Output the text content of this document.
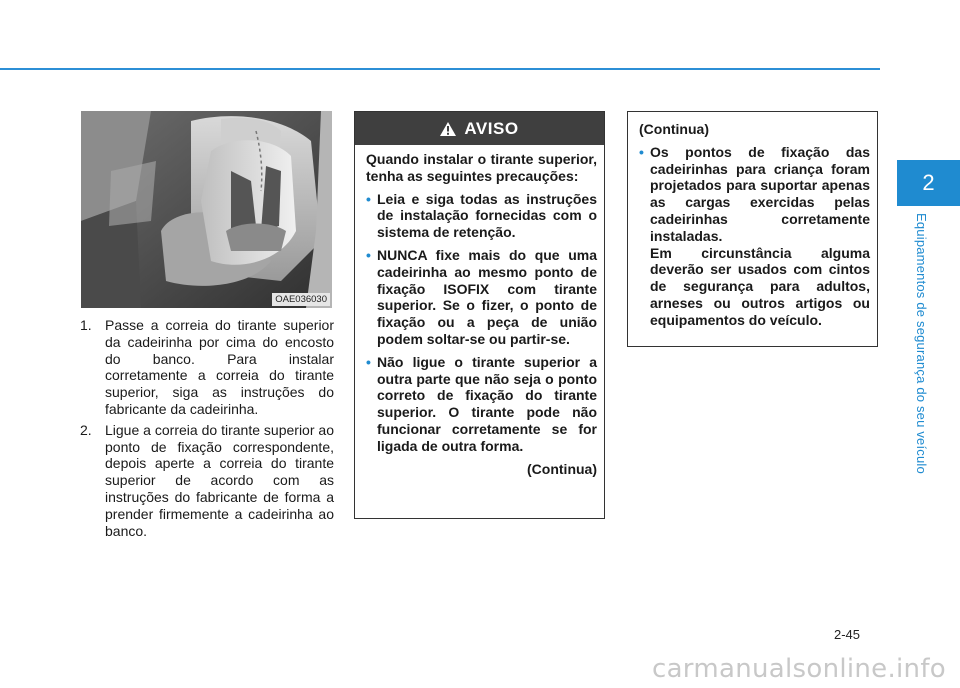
2
Equipamentos de segurança do seu veículo
OAE036030
1. Passe a correia do tirante superior da cadeirinha por cima do encosto do banco. Para instalar corretamente a correia do tirante superior, siga as instruções do fabricante da cadeirinha.
2. Ligue a correia do tirante superior ao ponto de fixação correspondente, depois aperte a correia do tirante superior de acordo com as instruções do fabricante de forma a prender firmemente a cadeirinha ao banco.
AVISO

Quando instalar o tirante superior, tenha as seguintes precauções:

• Leia e siga todas as instruções de instalação fornecidas com o sistema de retenção.
• NUNCA fixe mais do que uma cadeirinha ao mesmo ponto de fixação ISOFIX com tirante superior. Se o fizer, o ponto de fixação ou a peça de união podem soltar-se ou partir-se.
• Não ligue o tirante superior a outra parte que não seja o ponto correto de fixação do tirante superior. O tirante pode não funcionar corretamente se for ligada de outra forma.
(Continua)

(Continua)

• Os pontos de fixação das cadeirinhas para criança foram projetados para suportar apenas as cargas exercidas pelas cadeirinhas corretamente instaladas.

Em circunstância alguma deverão ser usados com cintos de segurança para adultos, arneses ou outros artigos ou equipamentos do veículo.

2-45
carmanualsonline.info
